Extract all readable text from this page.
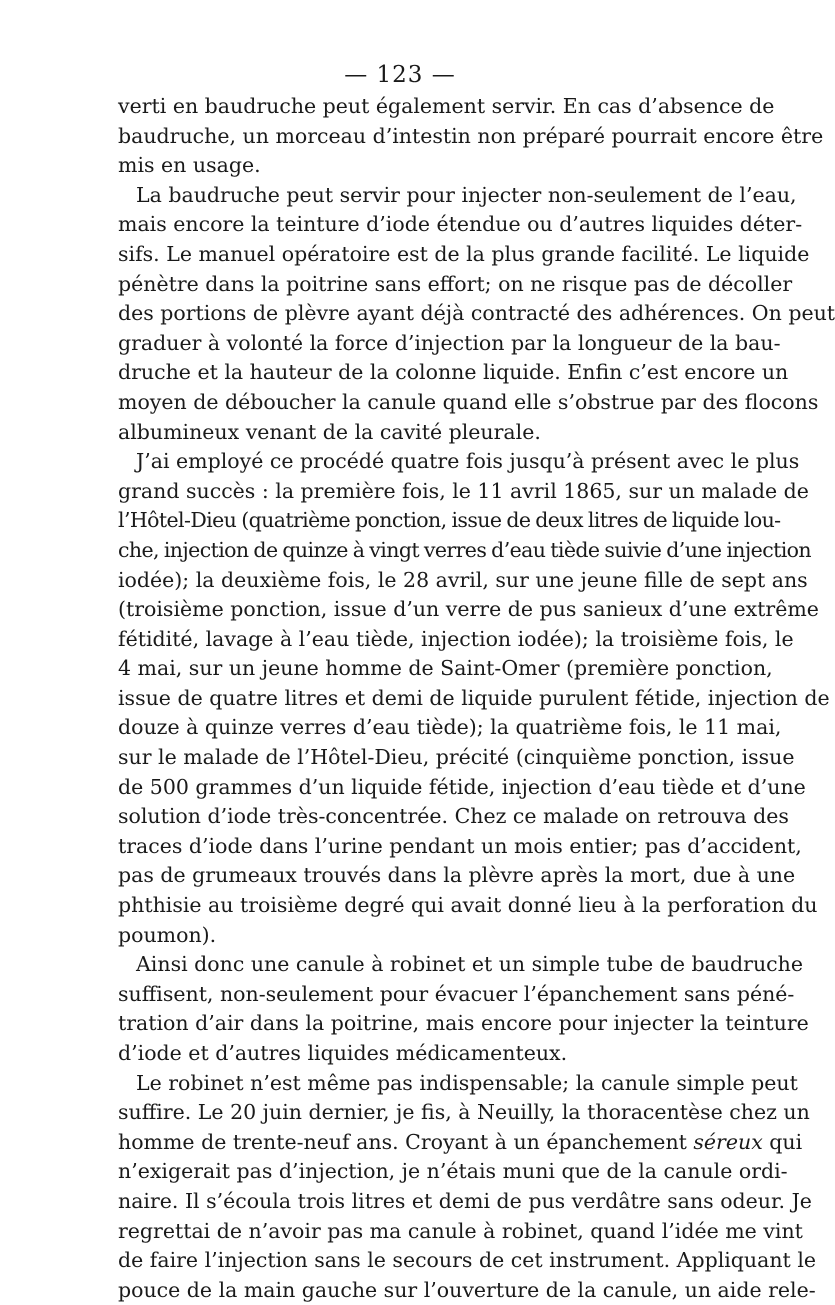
— 123 —
verti en baudruche peut également servir. En cas d’absence de
baudruche, un morceau d’intestin non préparé pourrait encore être
mis en usage.
La baudruche peut servir pour injecter non-seulement de l’eau,
mais encore la teinture d’iode étendue ou d’autres liquides déter-
sifs. Le manuel opératoire est de la plus grande facilité. Le liquide
pénètre dans la poitrine sans effort; on ne risque pas de décoller
des portions de plèvre ayant déjà contracté des adhérences. On peut
graduer à volonté la force d’injection par la longueur de la bau-
druche et la hauteur de la colonne liquide. Enfin c’est encore un
moyen de déboucher la canule quand elle s’obstrue par des flocons
albumineux venant de la cavité pleurale.
J’ai employé ce procédé quatre fois jusqu’à présent avec le plus
grand succès : la première fois, le 11 avril 1865, sur un malade de
l’Hôtel-Dieu (quatrième ponction, issue de deux litres de liquide lou-
che, injection de quinze à vingt verres d’eau tiède suivie d’une injection
iodée); la deuxième fois, le 28 avril, sur une jeune fille de sept ans
(troisième ponction, issue d’un verre de pus sanieux d’une extrême
fétidité, lavage à l’eau tiède, injection iodée); la troisième fois, le
4 mai, sur un jeune homme de Saint-Omer (première ponction,
issue de quatre litres et demi de liquide purulent fétide, injection de
douze à quinze verres d’eau tiède); la quatrième fois, le 11 mai,
sur le malade de l’Hôtel-Dieu, précité (cinquième ponction, issue
de 500 grammes d’un liquide fétide, injection d’eau tiède et d’une
solution d’iode très-concentrée. Chez ce malade on retrouva des
traces d’iode dans l’urine pendant un mois entier; pas d’accident,
pas de grumeaux trouvés dans la plèvre après la mort, due à une
phthisie au troisième degré qui avait donné lieu à la perforation du
poumon).
Ainsi donc une canule à robinet et un simple tube de baudruche
suffisent, non-seulement pour évacuer l’épanchement sans péné-
tration d’air dans la poitrine, mais encore pour injecter la teinture
d’iode et d’autres liquides médicamenteux.
Le robinet n’est même pas indispensable; la canule simple peut
suffire. Le 20 juin dernier, je fis, à Neuilly, la thoracentèse chez un
homme de trente-neuf ans. Croyant à un épanchement séreux qui
n’exigerait pas d’injection, je n’étais muni que de la canule ordi-
naire. Il s’écoula trois litres et demi de pus verdâtre sans odeur. Je
regrettai de n’avoir pas ma canule à robinet, quand l’idée me vint
de faire l’injection sans le secours de cet instrument. Appliquant le
pouce de la main gauche sur l’ouverture de la canule, un aide rele-
